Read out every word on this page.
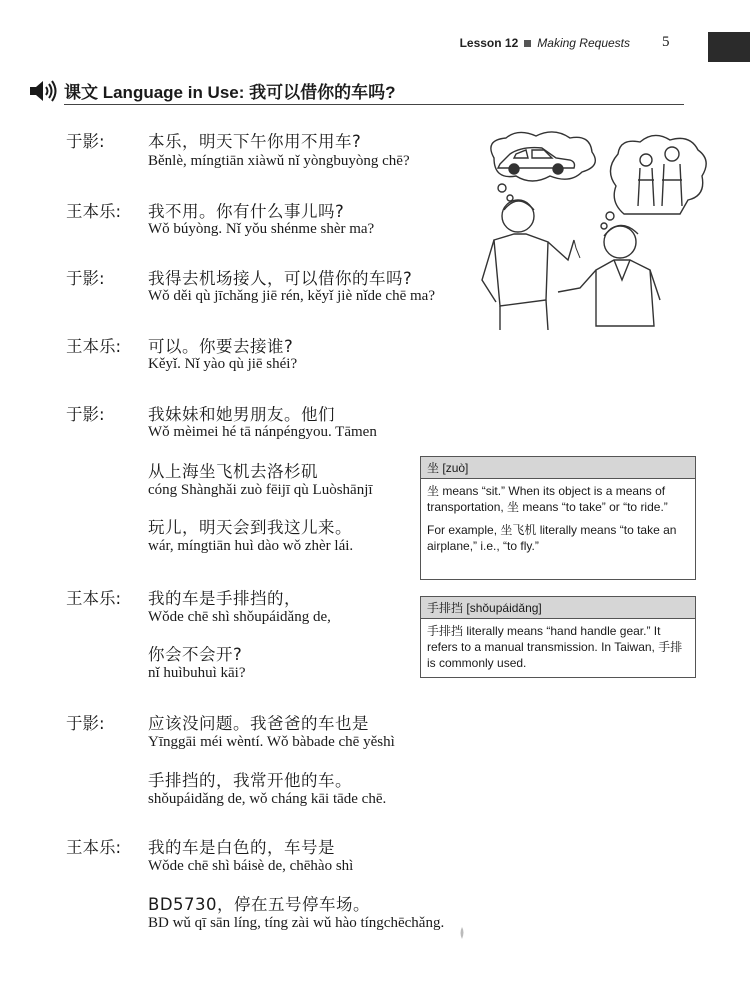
Lesson 12 Making Requests 5
课文 Language in Use: 我可以借你的车吗?
于影:	本乐，明天下午你用不用车?
Běnlè, míngtiān xiàwǔ nǐ yòngbuyòng chē?
王本乐: 我不用。你有什么事儿吗?
Wǒ búyòng. Nǐ yǒu shénme shèr ma?
于影:	我得去机场接人，可以借你的车吗?
Wǒ děi qù jīchǎng jiē rén, kěyǐ jiè nǐde chē ma?
王本乐: 可以。你要去接谁?
Kěyǐ. Nǐ yào qù jiē shéi?
于影:	我妹妹和她男朋友。他们
Wǒ mèimei hé tā nánpéngyou. Tāmen
从上海坐飞机去洛杉矶
cóng Shànghǎi zuò fēijī qù Luòshānjī
玩儿，明天会到我这儿来。
wár, míngtiān huì dào wǒ zhèr lái.
王本乐: 我的车是手排挡的，
Wǒde chē shì shǒupáidǎng de,
你会不会开?
nǐ huìbuhuì kāi?
于影:	应该没问题。我爸爸的车也是
Yīnggāi méi wèntí. Wǒ bàbade chē yěshì
手排挡的，我常开他的车。
shǒupáidǎng de, wǒ cháng kāi tāde chē.
王本乐: 我的车是白色的，车号是
Wǒde chē shì báisè de, chēhào shì
BD5730，停在五号停车场。
BD wǔ qī sān líng, tíng zài wǔ hào tíngchēchǎng.
坐 [zuò]

坐 means “sit.” When its object is a means of transportation, 坐 means “to take” or “to ride.”

For example, 坐飞机 literally means “to take an airplane,” i.e., “to fly.”

手排挡 [shǒupáidǎng]

手排挡 literally means “hand handle gear.” It refers to a manual transmission. In Taiwan, 手排 is commonly used.
